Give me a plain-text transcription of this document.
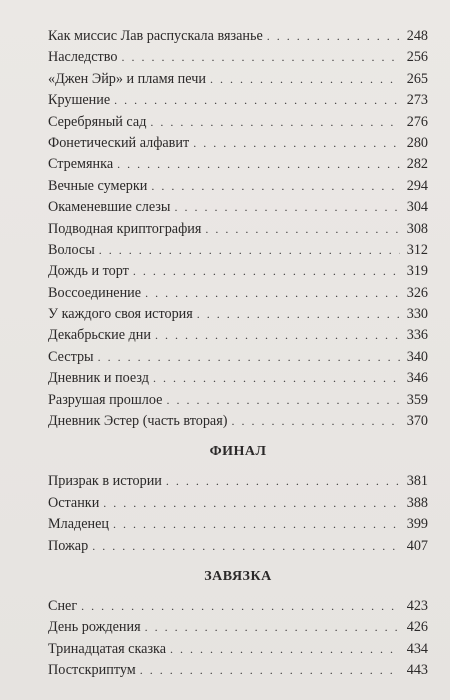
Как миссис Лав распускала вязанье . . .	248
Наследство . . .	256
«Джен Эйр» и пламя печи . . .	265
Крушение . . .	273
Серебряный сад . . .	276
Фонетический алфавит . . .	280
Стремянка . . .	282
Вечные сумерки . . .	294
Окаменевшие слезы . . .	304
Подводная криптография . . .	308
Волосы . . .	312
Дождь и торт . . .	319
Воссоединение . . .	326
У каждого своя история . . .	330
Декабрьские дни . . .	336
Сестры . . .	340
Дневник и поезд . . .	346
Разрушая прошлое . . .	359
Дневник Эстер (часть вторая) . . .	370
ФИНАЛ
Призрак в истории . . .	381
Останки . . .	388
Младенец . . .	399
Пожар . . .	407
ЗАВЯЗКА
Снег . . .	423
День рождения . . .	426
Тринадцатая сказка . . .	434
Постскриптум . . .	443
